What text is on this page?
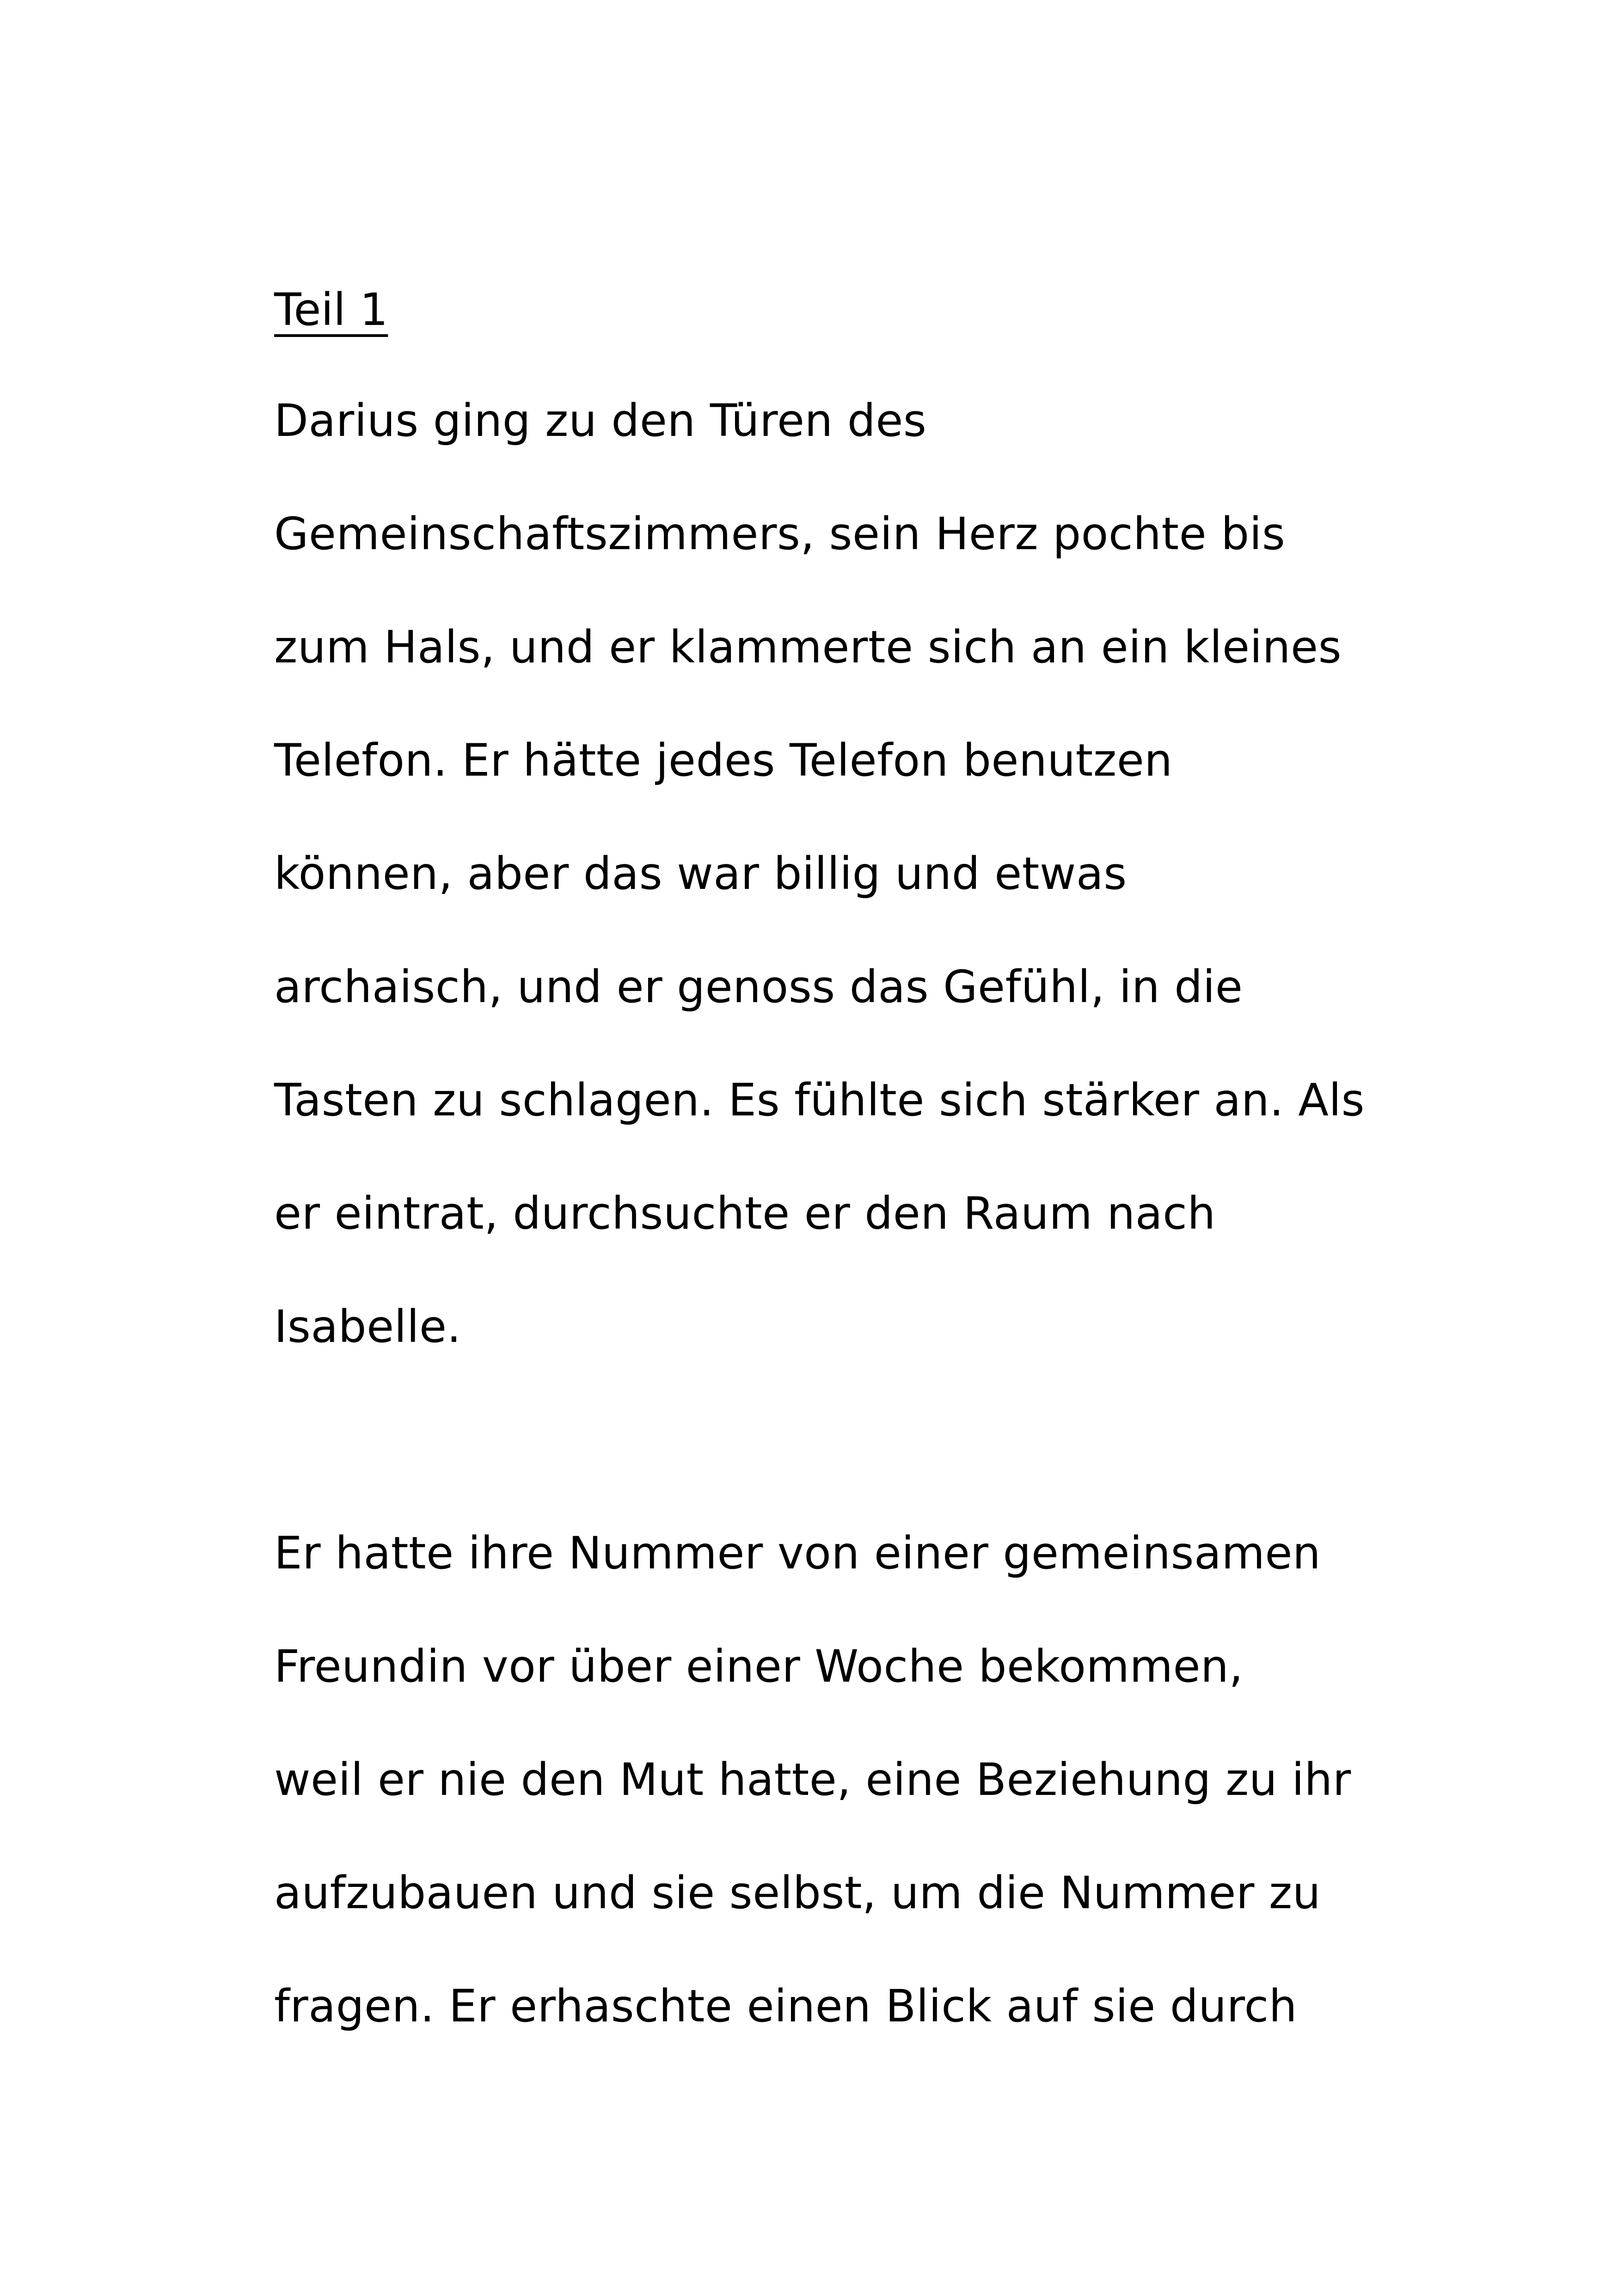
Teil 1
Darius ging zu den Türen des
Gemeinschaftszimmers, sein Herz pochte bis
zum Hals, und er klammerte sich an ein kleines
Telefon. Er hätte jedes Telefon benutzen
können, aber das war billig und etwas
archaisch, und er genoss das Gefühl, in die
Tasten zu schlagen. Es fühlte sich stärker an. Als
er eintrat, durchsuchte er den Raum nach
Isabelle.
Er hatte ihre Nummer von einer gemeinsamen
Freundin vor über einer Woche bekommen,
weil er nie den Mut hatte, eine Beziehung zu ihr
aufzubauen und sie selbst, um die Nummer zu
fragen. Er erhaschte einen Blick auf sie durch
